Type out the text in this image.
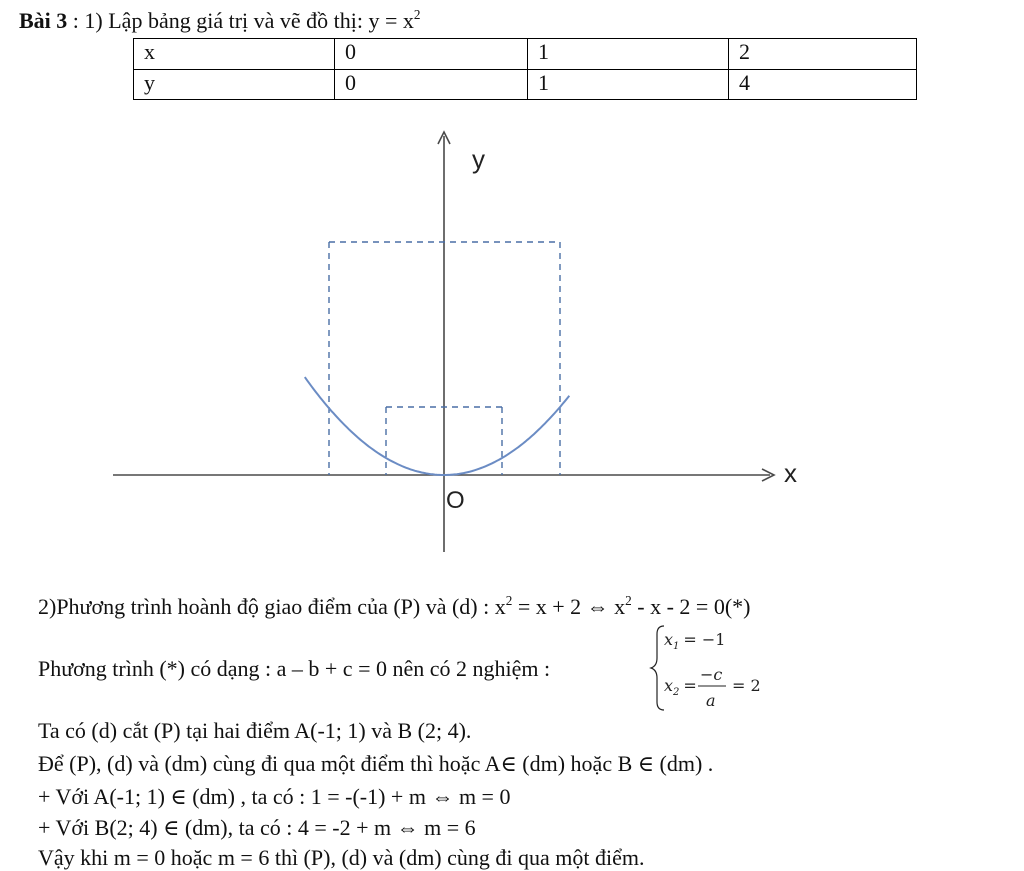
Bài 3 : 1) Lập bảng giá trị và vẽ đồ thị: $y = x^2$
x	0	1	2
y	0	1	4
y
x
O
2)Phương trình hoành độ giao điểm của (P) và (d) : $x^2 = x + 2$ ⇔ $x^2 - x - 2 = 0(*)$
Phương trình (*) có dạng : a – b + c = 0 nên có 2 nghiệm :
$x_1 = -1$
$x_2$ =
−c
a
= 2
Ta có (d) cắt (P) tại hai điểm A(-1; 1) và B (2; 4).
Để (P), (d) và (dm) cùng đi qua một điểm thì hoặc A∈ (dm) hoặc B ∈ (dm) .
+ Với A(-1; 1) ∈ (dm) , ta có : 1 = -(-1) + m ⇔ m = 0
+ Với B(2; 4) ∈ (dm), ta có : 4 = -2 + m ⇔ m = 6
Vậy khi m = 0 hoặc m = 6 thì (P), (d) và (dm) cùng đi qua một điểm.
